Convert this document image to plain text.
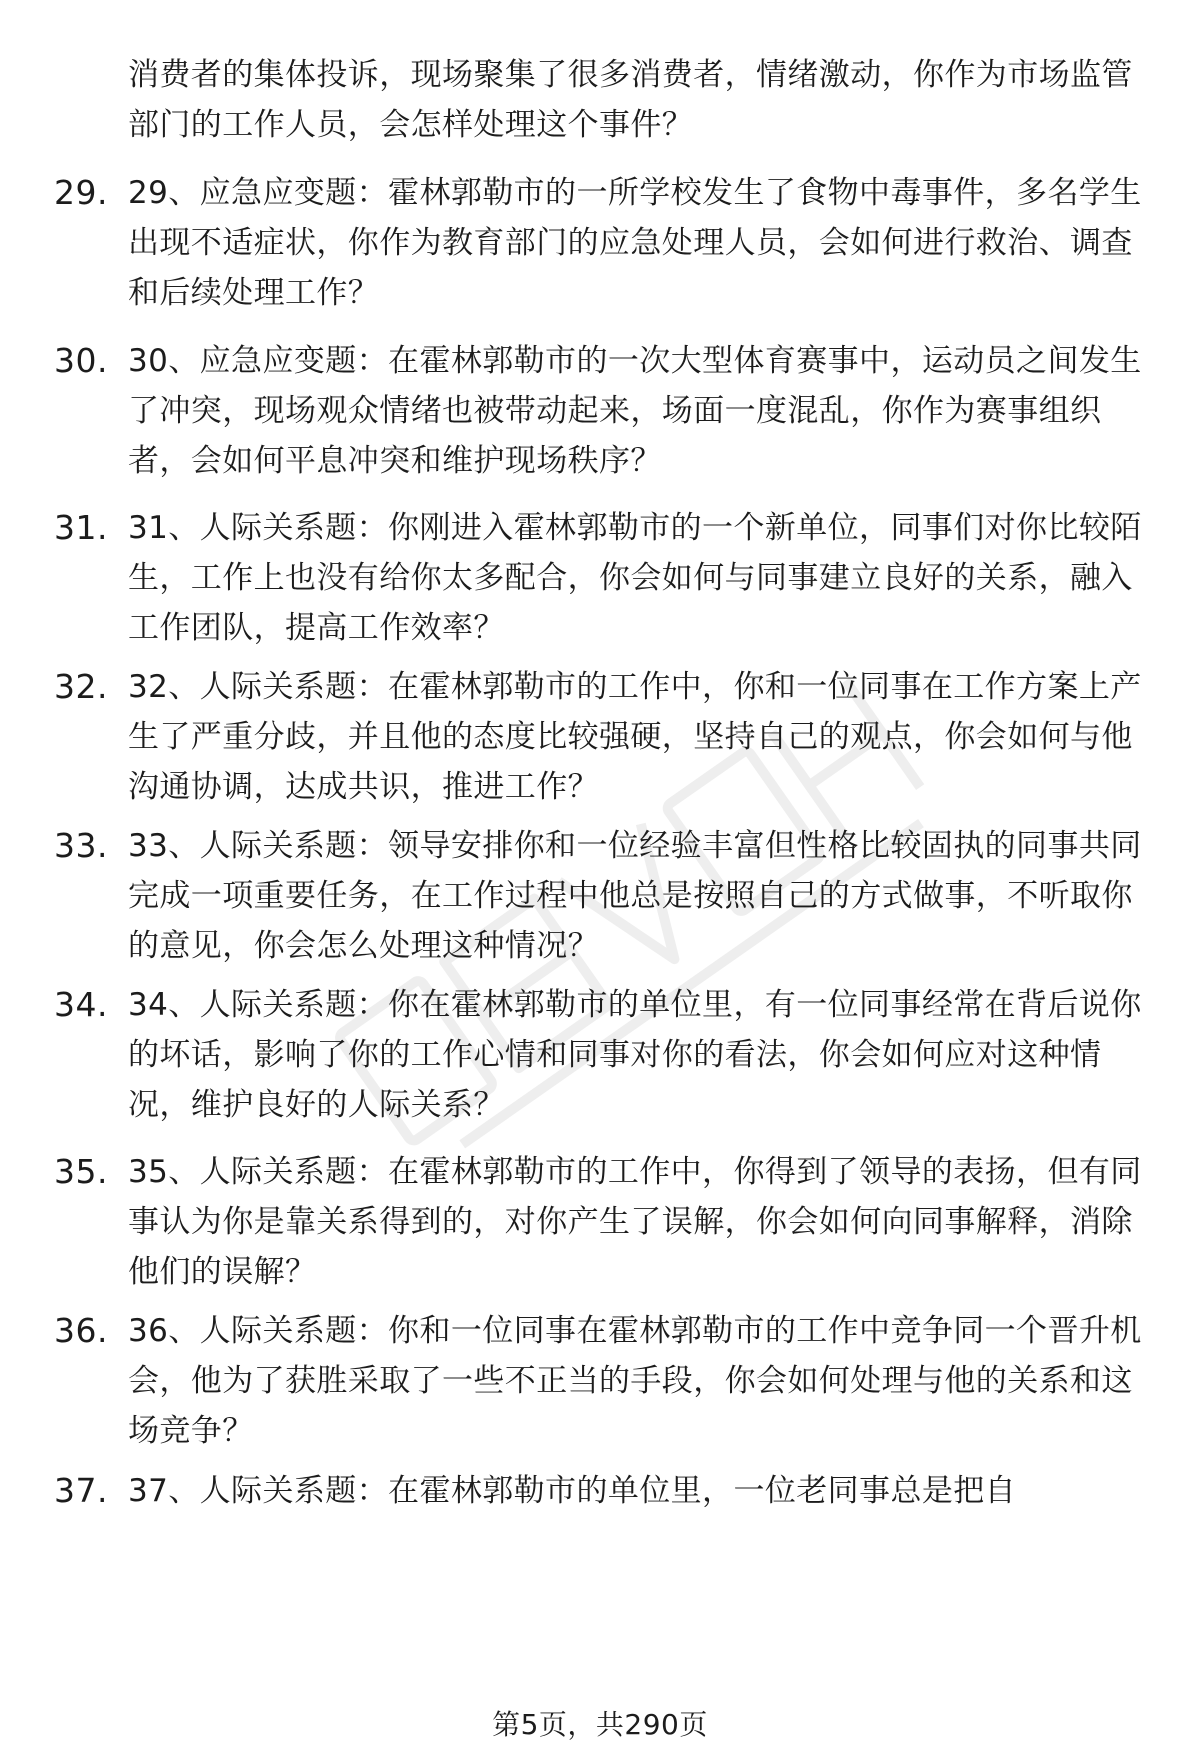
消费者的集体投诉，现场聚集了很多消费者，情绪激动，你作为市场监管部门的工作人员，会怎样处理这个事件？
29. 29、应急应变题：霍林郭勒市的一所学校发生了食物中毒事件，多名学生出现不适症状，你作为教育部门的应急处理人员，会如何进行救治、调查和后续处理工作？
30. 30、应急应变题：在霍林郭勒市的一次大型体育赛事中，运动员之间发生了冲突，现场观众情绪也被带动起来，场面一度混乱，你作为赛事组织者，会如何平息冲突和维护现场秩序？
31. 31、人际关系题：你刚进入霍林郭勒市的一个新单位，同事们对你比较陌生，工作上也没有给你太多配合，你会如何与同事建立良好的关系，融入工作团队，提高工作效率？
32. 32、人际关系题：在霍林郭勒市的工作中，你和一位同事在工作方案上产生了严重分歧，并且他的态度比较强硬，坚持自己的观点，你会如何与他沟通协调，达成共识，推进工作？
33. 33、人际关系题：领导安排你和一位经验丰富但性格比较固执的同事共同完成一项重要任务，在工作过程中他总是按照自己的方式做事，不听取你的意见，你会怎么处理这种情况？
34. 34、人际关系题：你在霍林郭勒市的单位里，有一位同事经常在背后说你的坏话，影响了你的工作心情和同事对你的看法，你会如何应对这种情况，维护良好的人际关系？
35. 35、人际关系题：在霍林郭勒市的工作中，你得到了领导的表扬，但有同事认为你是靠关系得到的，对你产生了误解，你会如何向同事解释，消除他们的误解？
36. 36、人际关系题：你和一位同事在霍林郭勒市的工作中竞争同一个晋升机会，他为了获胜采取了一些不正当的手段，你会如何处理与他的关系和这场竞争？
37. 37、人际关系题：在霍林郭勒市的单位里，一位老同事总是把自
第5页，共290页
